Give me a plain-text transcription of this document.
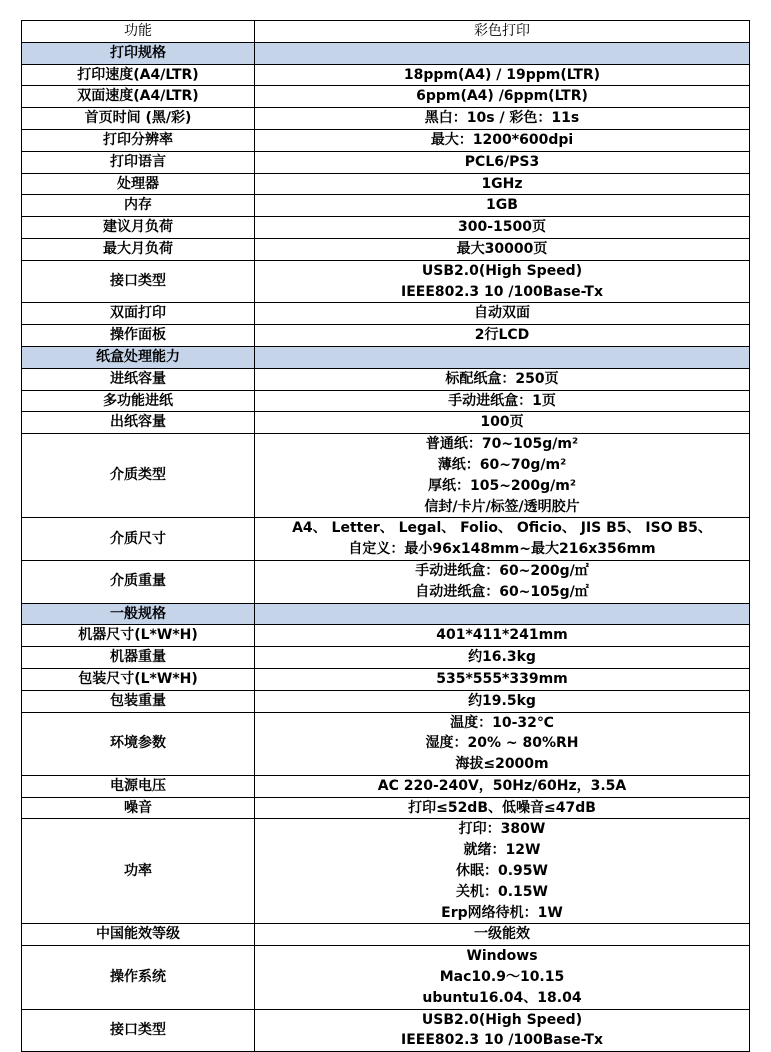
功能	彩色打印
打印规格	
打印速度(A4/LTR)	18ppm(A4) / 19ppm(LTR)

双面速度(A4/LTR)	6ppm(A4) /6ppm(LTR)

首页时间 (黑/彩)	黑白：10s / 彩色：11s

打印分辨率	最大：1200*600dpi

打印语言	PCL6/PS3

处理器	1GHz

内存	1GB

建议月负荷	300-1500页

最大月负荷	最大30000页

接口类型	USB2.0(High Speed)
IEEE802.3 10 /100Base-Tx

双面打印	自动双面

操作面板	2行LCD

纸盒处理能力	
进纸容量	标配纸盒：250页

多功能进纸	手动进纸盒：1页

出纸容量	100页

介质类型	普通纸：70~105g/m²
薄纸：60~70g/m²
厚纸：105~200g/m²
信封/卡片/标签/透明胶片

介质尺寸	A4、 Letter、 Legal、 Folio、 Oficio、 JIS B5、 ISO B5、
自定义：最小96x148mm~最大216x356mm

介质重量	手动进纸盒：60~200g/㎡
自动进纸盒：60~105g/㎡

一般规格	
机器尺寸(L*W*H)	401*411*241mm

机器重量	约16.3kg

包装尺寸(L*W*H)	535*555*339mm

包装重量	约19.5kg

环境参数	温度：10-32℃
湿度：20% ~ 80%RH
海拔≤2000m

电源电压	AC 220-240V，50Hz/60Hz，3.5A

噪音	打印≤52dB、低噪音≤47dB

功率	打印：380W
就绪：12W
休眠：0.95W
关机：0.15W
Erp网络待机：1W

中国能效等级	一级能效

操作系统	Windows
Mac10.9～10.15
ubuntu16.04、18.04

接口类型	USB2.0(High Speed)
IEEE802.3 10 /100Base-Tx
